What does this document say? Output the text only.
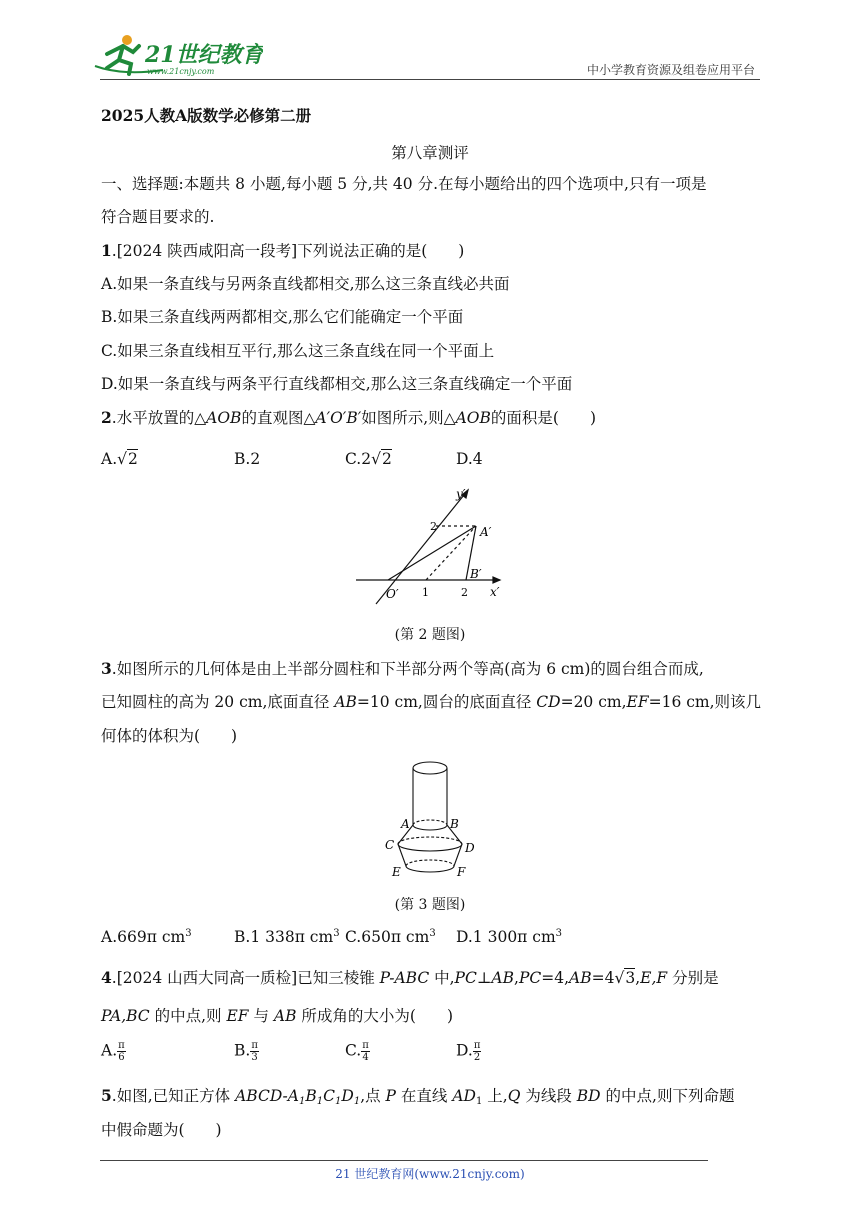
21世纪教育
www.21cnjy.com	中小学教育资源及组卷应用平台
2025人教A版数学必修第二册
第八章测评
一、选择题:本题共 8 小题,每小题 5 分,共 40 分.在每小题给出的四个选项中,只有一项是
符合题目要求的.
1.[2024 陕西咸阳高一段考]下列说法正确的是(　　)
A.如果一条直线与另两条直线都相交,那么这三条直线必共面
B.如果三条直线两两都相交,那么它们能确定一个平面
C.如果三条直线相互平行,那么这三条直线在同一个平面上
D.如果一条直线与两条平行直线都相交,那么这三条直线确定一个平面
2.水平放置的△AOB的直观图△A′O′B′如图所示,则△AOB的面积是(　　)
A.√2	B.2	C.2√2	D.4
y′
2	A′
B′
O′ 1	2 x′
(第 2 题图)
3.如图所示的几何体是由上半部分圆柱和下半部分两个等高(高为 6 cm)的圆台组合而成,
已知圆柱的高为 20 cm,底面直径 AB=10 cm,圆台的底面直径 CD=20 cm,EF=16 cm,则该几
何体的体积为(　　)
A	B
C	D
E	F
(第 3 题图)
A.669π $cm^3$	B.1 338π $cm^3$ C.650π $cm^3$ D.1 300π $cm^3$
4.[2024 山西大同高一质检]已知三棱锥 P-ABC 中,PC⊥AB,PC=4,AB=4√3,E,F 分别是
PA,BC 的中点,则 EF 与 AB 所成角的大小为(　　)
A. $\frac{\pi}{6}$	B. $\frac{\pi}{3}$	C. $\frac{\pi}{4}$	D. $\frac{\pi}{2}$
5.如图,已知正方体 ABCD-$A_1B_1C_1D_1$,点 P 在直线 $AD_1$ 上,Q 为线段 BD 的中点,则下列命题
中假命题为(　　)
21 世纪教育网(www.21cnjy.com)
